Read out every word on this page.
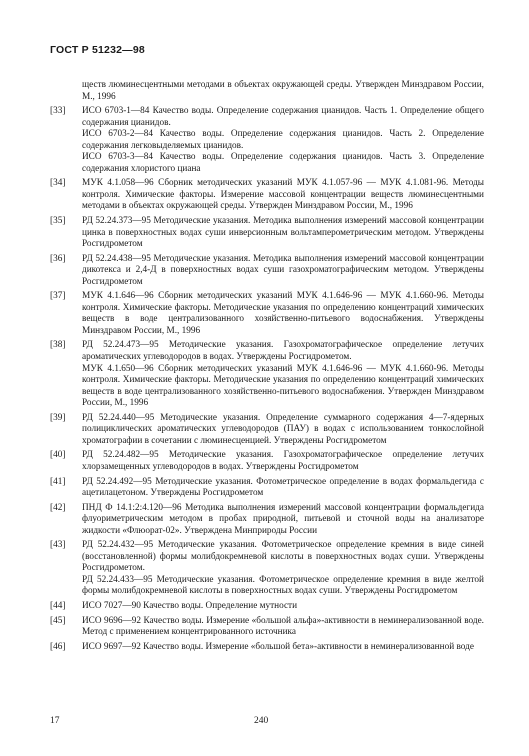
ГОСТ Р 51232—98
ществ люминесцентными методами в объектах окружающей среды. Утвержден Минздравом России, М., 1996
[33] ИСО 6703-1—84 Качество воды. Определение содержания цианидов. Часть 1. Определение общего содержания цианидов.
ИСО 6703-2—84 Качество воды. Определение содержания цианидов. Часть 2. Определение содержания легковыделяемых цианидов.
ИСО 6703-3—84 Качество воды. Определение содержания цианидов. Часть 3. Определение содержания хлористого циана
[34] МУК 4.1.058—96 Сборник методических указаний МУК 4.1.057-96 — МУК 4.1.081-96. Методы контроля. Химические факторы. Измерение массовой концентрации веществ люминесцентными методами в объектах окружающей среды. Утвержден Минздравом России, М., 1996
[35] РД 52.24.373—95 Методические указания. Методика выполнения измерений массовой концентрации цинка в поверхностных водах суши инверсионным вольтамперометрическим методом. Утверждены Росгидрометом
[36] РД 52.24.438—95 Методические указания. Методика выполнения измерений массовой концентрации дикотекса и 2,4-Д в поверхностных водах суши газохроматографическим методом. Утверждены Росгидрометом
[37] МУК 4.1.646—96 Сборник методических указаний МУК 4.1.646-96 — МУК 4.1.660-96. Методы контроля. Химические факторы. Методические указания по определению концентраций химических веществ в воде централизованного хозяйственно-питьевого водоснабжения. Утверждены Минздравом России, М., 1996
[38] РД 52.24.473—95 Методические указания. Газохроматографическое определение летучих ароматических углеводородов в водах. Утверждены Росгидрометом.
МУК 4.1.650—96 Сборник методических указаний МУК 4.1.646-96 — МУК 4.1.660-96. Методы контроля. Химические факторы. Методические указания по определению концентраций химических веществ в воде централизованного хозяйственно-питьевого водоснабжения. Утвержден Минздравом России, М., 1996
[39] РД 52.24.440—95 Методические указания. Определение суммарного содержания 4—7-ядерных полициклических ароматических углеводородов (ПАУ) в водах с использованием тонкослойной хроматографии в сочетании с люминесценцией. Утверждены Росгидрометом
[40] РД 52.24.482—95 Методические указания. Газохроматографическое определение летучих хлорзамещенных углеводородов в водах. Утверждены Росгидрометом
[41] РД 52.24.492—95 Методические указания. Фотометрическое определение в водах формальдегида с ацетилацетоном. Утверждены Росгидрометом
[42] ПНД Ф 14.1:2:4.120—96 Методика выполнения измерений массовой концентрации формальдегида флуориметрическим методом в пробах природной, питьевой и сточной воды на анализаторе жидкости «Флюорат-02». Утверждена Минприроды России
[43] РД 52.24.432—95 Методические указания. Фотометрическое определение кремния в виде синей (восстановленной) формы молибдокремневой кислоты в поверхностных водах суши. Утверждены Росгидрометом.
РД 52.24.433—95 Методические указания. Фотометрическое определение кремния в виде желтой формы молибдокремневой кислоты в поверхностных водах суши. Утверждены Росгидрометом
[44] ИСО 7027—90 Качество воды. Определение мутности
[45] ИСО 9696—92 Качество воды. Измерение «большой альфа»-активности в неминерализованной воде. Метод с применением концентрированного источника
[46] ИСО 9697—92 Качество воды. Измерение «большой бета»-активности в неминерализованной воде
17	240
